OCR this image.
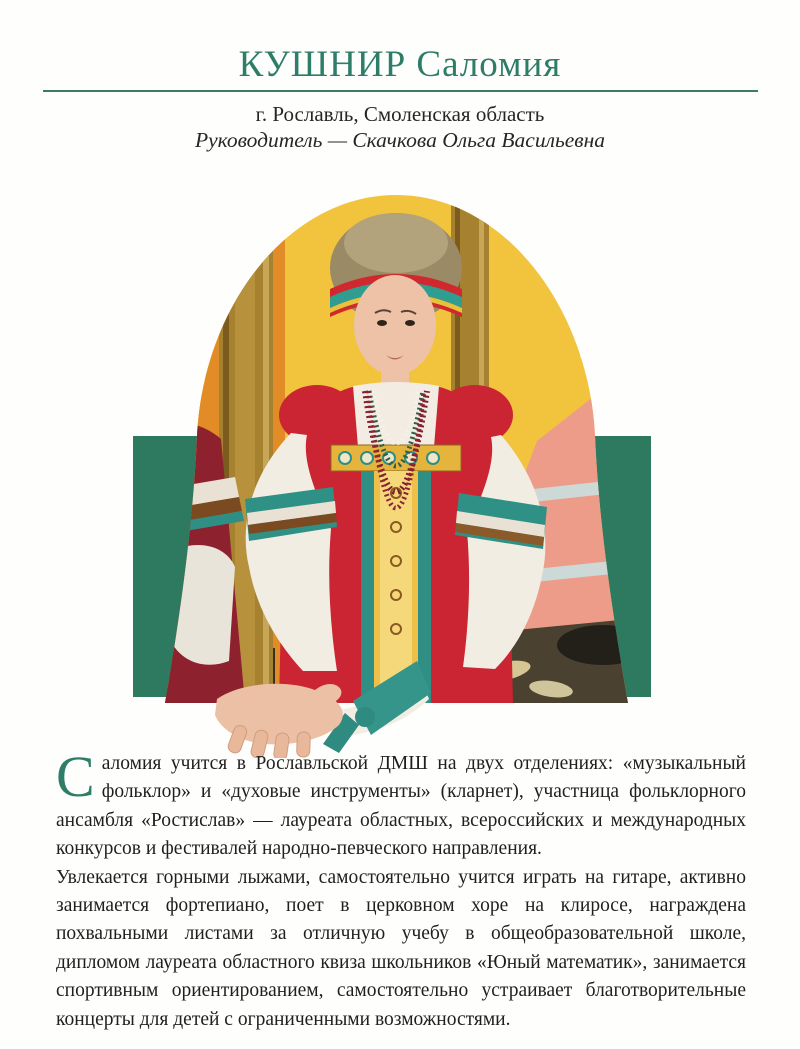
КУШНИР Саломия
г. Рославль, Смоленская область
Руководитель — Скачкова Ольга Васильевна

Саломия учится в Рославльской ДМШ на двух отделениях: «музыкальный фольклор» и «духовые инструменты» (кларнет), участница фольклорного ансамбля «Ростислав» — лауреата областных, всероссийских и международных конкурсов и фестивалей народно-певческого направления.

Увлекается горными лыжами, самостоятельно учится играть на гитаре, активно занимается фортепиано, поет в церковном хоре на клиросе, награждена похвальными листами за отличную учебу в общеобразовательной школе, дипломом лауреата областного квиза школьников «Юный математик», занимается спортивным ориентированием, самостоятельно устраивает благотворительные концерты для детей с ограниченными возможностями.
